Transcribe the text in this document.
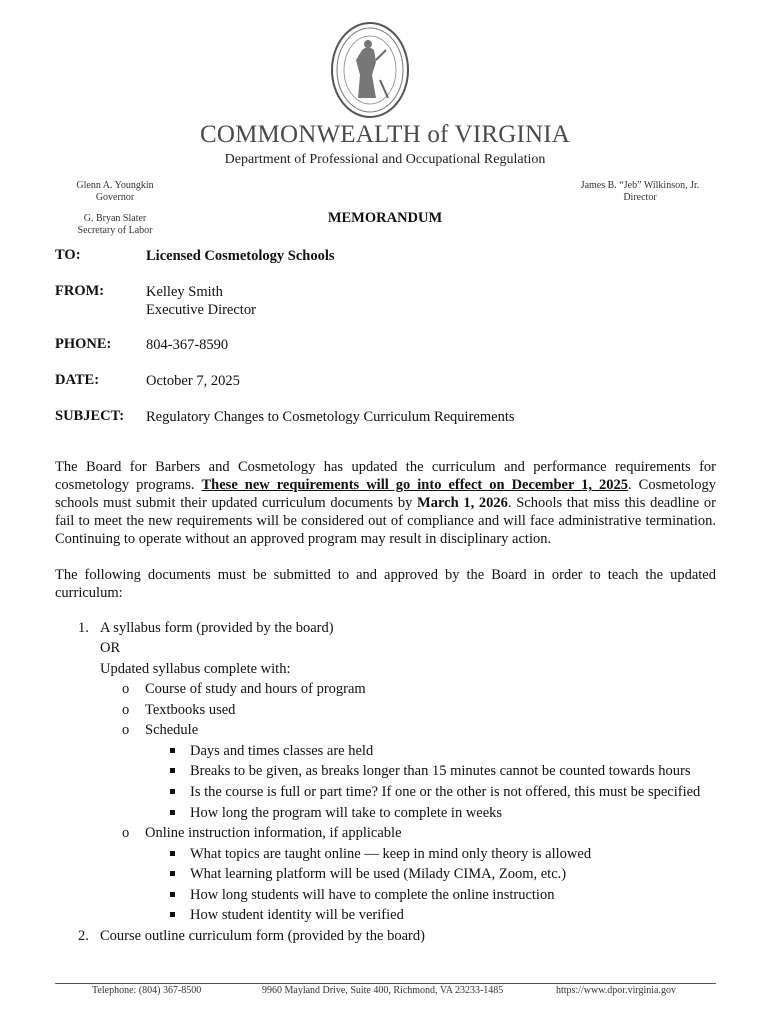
COMMONWEALTH of VIRGINIA
Department of Professional and Occupational Regulation
Glenn A. Youngkin
Governor
G. Bryan Slater
Secretary of Labor
James B. “Jeb” Wilkinson, Jr.
Director
MEMORANDUM
TO:	Licensed Cosmetology Schools
FROM:	Kelley Smith
Executive Director
PHONE: 804-367-8590
DATE:	October 7, 2025
SUBJECT: Regulatory Changes to Cosmetology Curriculum Requirements
The Board for Barbers and Cosmetology has updated the curriculum and performance requirements for cosmetology programs. These new requirements will go into effect on December 1, 2025. Cosmetology schools must submit their updated curriculum documents by March 1, 2026. Schools that miss this deadline or fail to meet the new requirements will be considered out of compliance and will face administrative termination. Continuing to operate without an approved program may result in disciplinary action.
The following documents must be submitted to and approved by the Board in order to teach the updated curriculum:
1. A syllabus form (provided by the board)
OR
Updated syllabus complete with:
o Course of study and hours of program
o Textbooks used
o Schedule
Days and times classes are held
Breaks to be given, as breaks longer than 15 minutes cannot be counted towards hours
Is the course is full or part time? If one or the other is not offered, this must be specified
How long the program will take to complete in weeks
o Online instruction information, if applicable
What topics are taught online — keep in mind only theory is allowed
What learning platform will be used (Milady CIMA, Zoom, etc.)
How long students will have to complete the online instruction
How student identity will be verified
2. Course outline curriculum form (provided by the board)
Telephone: (804) 367-8500	9960 Mayland Drive, Suite 400, Richmond, VA 23233-1485	https://www.dpor.virginia.gov
